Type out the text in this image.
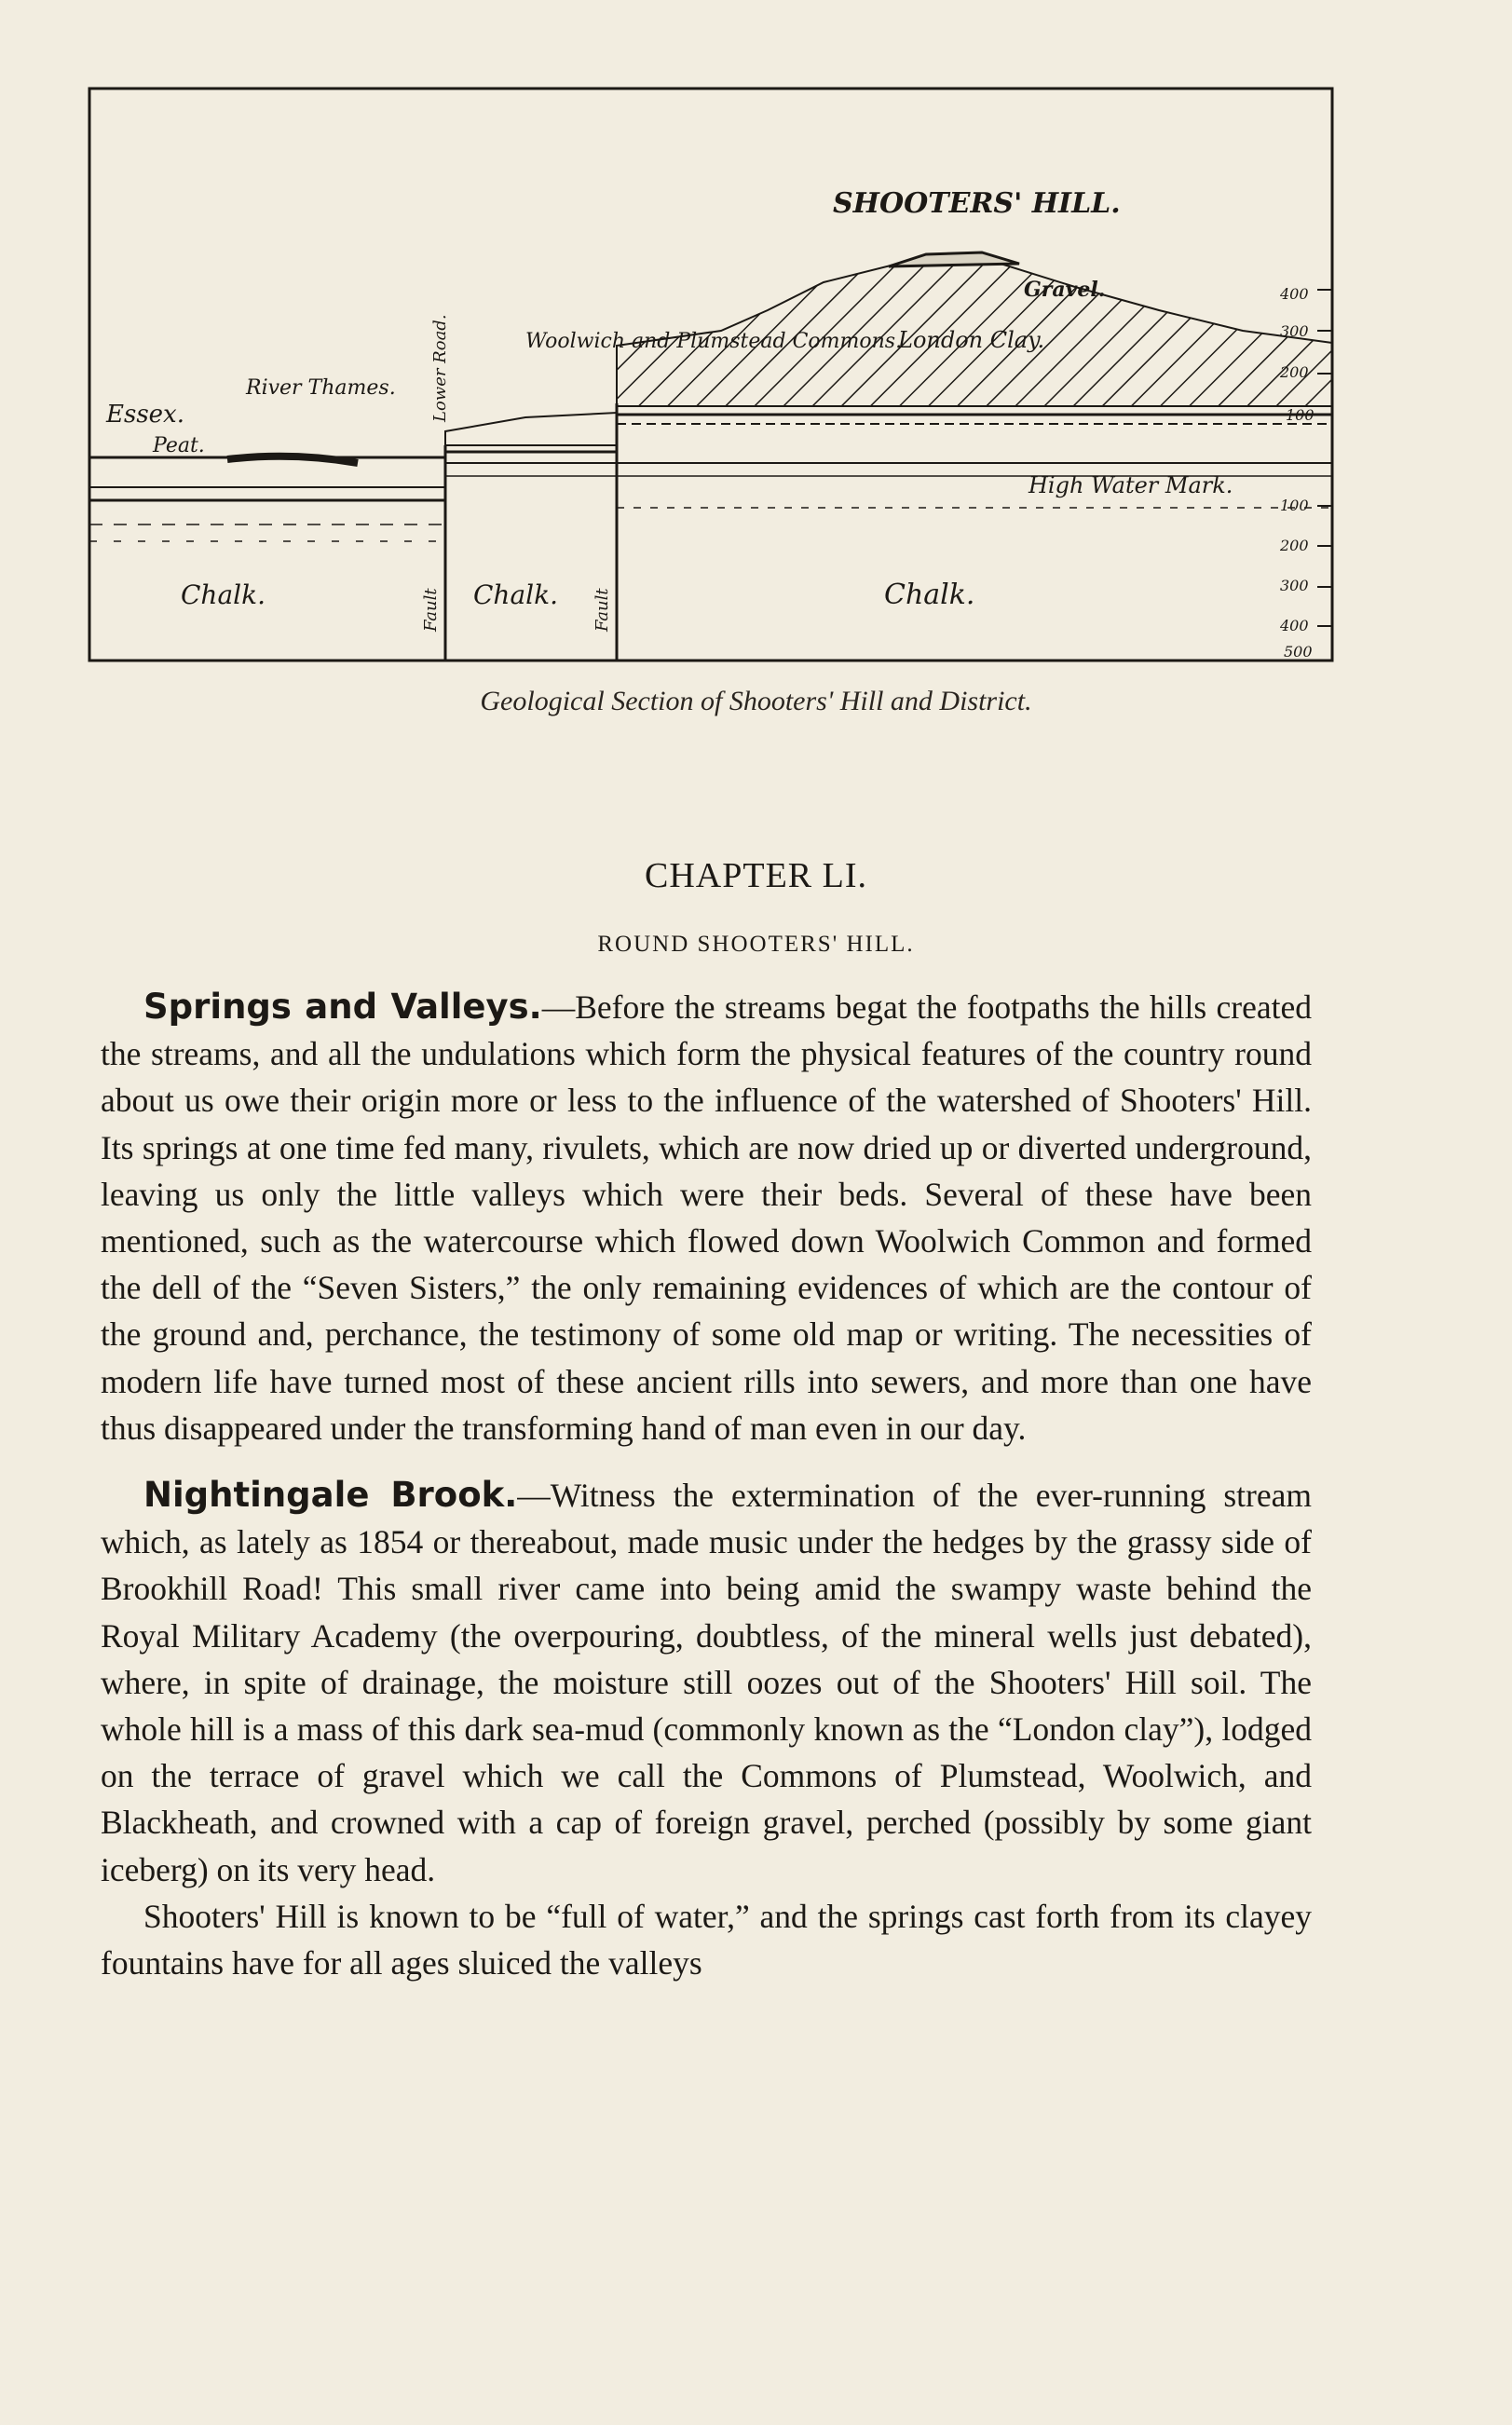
SHOOTERS' HILL.
Gravel.
London Clay.
Woolwich and Plumstead Commons.
Essex.
River Thames.
Peat.
High Water Mark.
Chalk.	Chalk.	Chalk.
Lower Road.
Fault	Fault
400
300
200
100
100
200
300
400
500
Geological Section of Shooters' Hill and District.
CHAPTER LI.
ROUND SHOOTERS' HILL.

Springs and Valleys.—Before the streams begat the footpaths the hills created the streams, and all the undulations which form the physical features of the country round about us owe their origin more or less to the influence of the watershed of Shooters' Hill. Its springs at one time fed many, rivulets, which are now dried up or diverted underground, leaving us only the little valleys which were their beds. Several of these have been mentioned, such as the watercourse which flowed down Woolwich Common and formed the dell of the “Seven Sisters,” the only remaining evidences of which are the contour of the ground and, perchance, the testimony of some old map or writing. The necessities of modern life have turned most of these ancient rills into sewers, and more than one have thus disappeared under the transforming hand of man even in our day.

Nightingale Brook.—Witness the extermination of the ever-running stream which, as lately as 1854 or thereabout, made music under the hedges by the grassy side of Brookhill Road! This small river came into being amid the swampy waste behind the Royal Military Academy (the overpouring, doubtless, of the mineral wells just debated), where, in spite of drainage, the moisture still oozes out of the Shooters' Hill soil. The whole hill is a mass of this dark sea-mud (commonly known as the “London clay”), lodged on the terrace of gravel which we call the Commons of Plumstead, Woolwich, and Blackheath, and crowned with a cap of foreign gravel, perched (possibly by some giant iceberg) on its very head.

Shooters' Hill is known to be “full of water,” and the springs cast forth from its clayey fountains have for all ages sluiced the valleys
